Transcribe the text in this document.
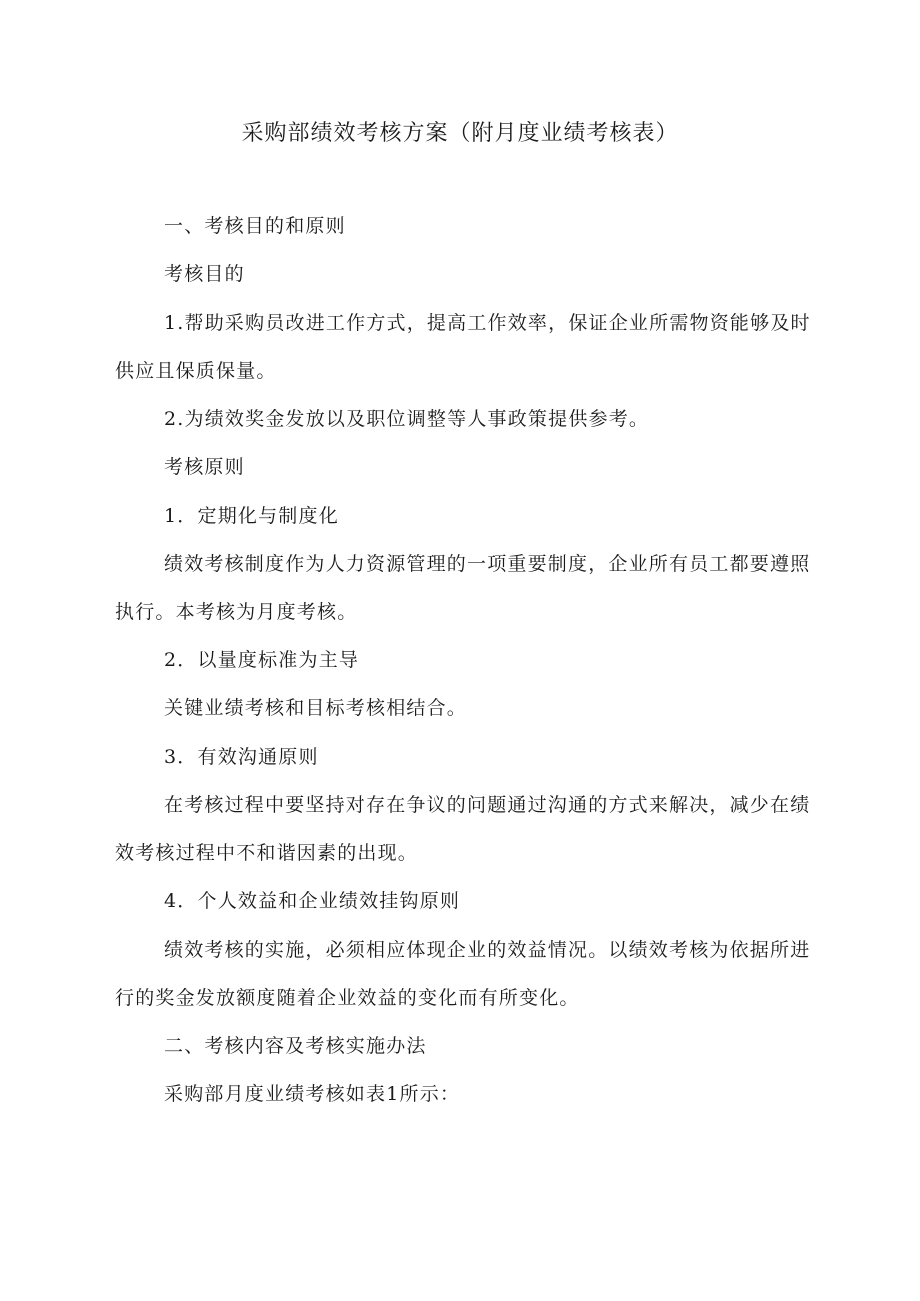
采购部绩效考核方案（附月度业绩考核表）
一、考核目的和原则
考核目的
1.帮助采购员改进工作方式，提高工作效率，保证企业所需物资能够及时
供应且保质保量。
2.为绩效奖金发放以及职位调整等人事政策提供参考。
考核原则
1．定期化与制度化
绩效考核制度作为人力资源管理的一项重要制度，企业所有员工都要遵照
执行。本考核为月度考核。
2．以量度标准为主导
关键业绩考核和目标考核相结合。
3．有效沟通原则
在考核过程中要坚持对存在争议的问题通过沟通的方式来解决，减少在绩
效考核过程中不和谐因素的出现。
4．个人效益和企业绩效挂钩原则
绩效考核的实施，必须相应体现企业的效益情况。以绩效考核为依据所进
行的奖金发放额度随着企业效益的变化而有所变化。
二、考核内容及考核实施办法
采购部月度业绩考核如表1所示：
